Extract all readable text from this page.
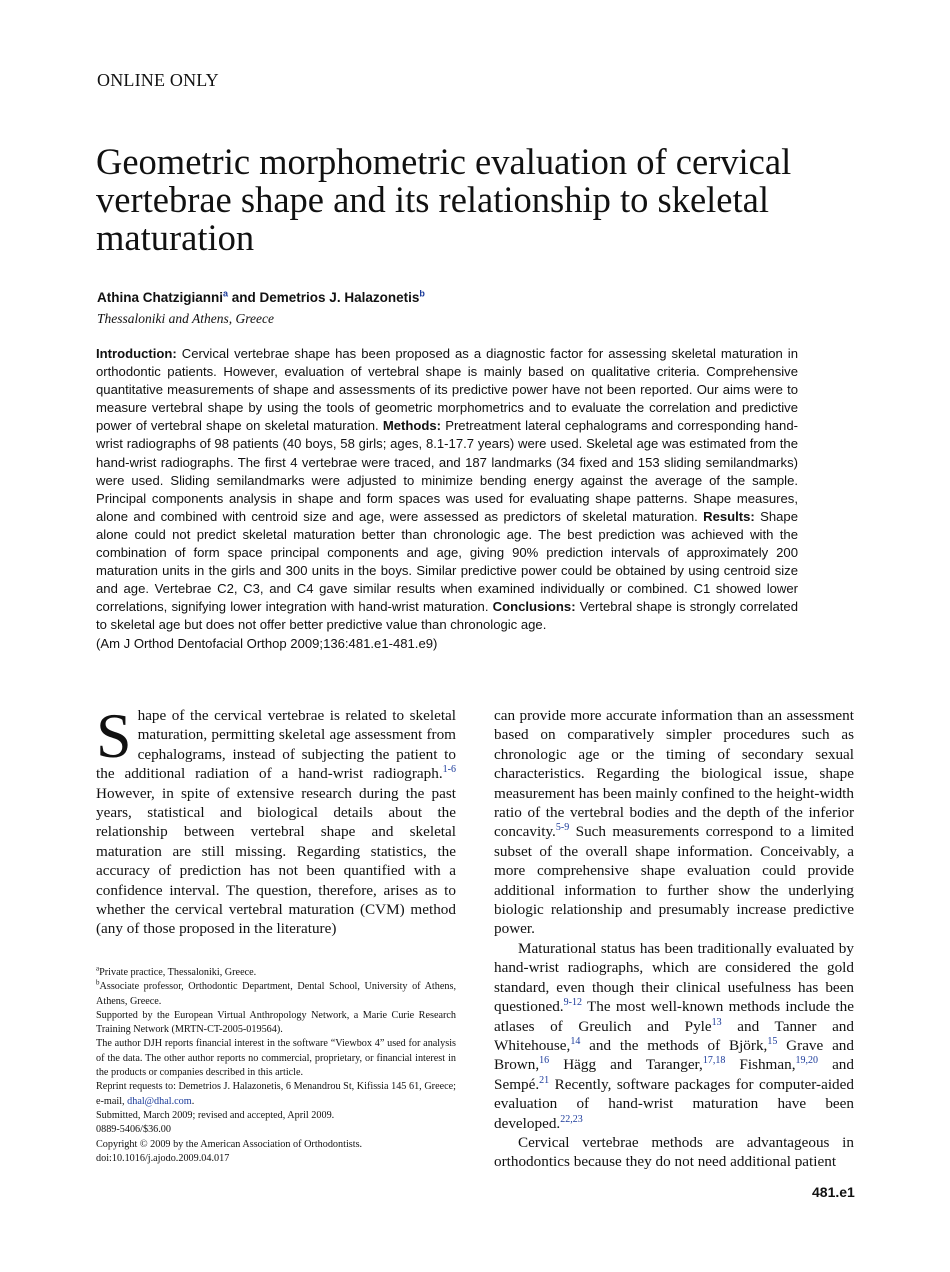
ONLINE ONLY
Geometric morphometric evaluation of cervical vertebrae shape and its relationship to skeletal maturation
Athina Chatzigianni$^a$ and Demetrios J. Halazonetis$^b$
Thessaloniki and Athens, Greece

Introduction: Cervical vertebrae shape has been proposed as a diagnostic factor for assessing skeletal maturation in orthodontic patients. However, evaluation of vertebral shape is mainly based on qualitative criteria. Comprehensive quantitative measurements of shape and assessments of its predictive power have not been reported. Our aims were to measure vertebral shape by using the tools of geometric morphometrics and to evaluate the correlation and predictive power of vertebral shape on skeletal maturation. Methods: Pretreatment lateral cephalograms and corresponding hand-wrist radiographs of 98 patients (40 boys, 58 girls; ages, 8.1-17.7 years) were used. Skeletal age was estimated from the hand-wrist radiographs. The first 4 vertebrae were traced, and 187 landmarks (34 fixed and 153 sliding semilandmarks) were used. Sliding semilandmarks were adjusted to minimize bending energy against the average of the sample. Principal components analysis in shape and form spaces was used for evaluating shape patterns. Shape measures, alone and combined with centroid size and age, were assessed as predictors of skeletal maturation. Results: Shape alone could not predict skeletal maturation better than chronologic age. The best prediction was achieved with the combination of form space principal components and age, giving 90% prediction intervals of approximately 200 maturation units in the girls and 300 units in the boys. Similar predictive power could be obtained by using centroid size and age. Vertebrae C2, C3, and C4 gave similar results when examined individually or combined. C1 showed lower correlations, signifying lower integration with hand-wrist maturation. Conclusions: Vertebral shape is strongly correlated to skeletal age but does not offer better predictive value than chronologic age.
(Am J Orthod Dentofacial Orthop 2009;136:481.e1-481.e9)

Shape of the cervical vertebrae is related to skeletal maturation, permitting skeletal age assessment from cephalograms, instead of subjecting the patient to the additional radiation of a hand-wrist radiograph.$^{1-6}$ However, in spite of extensive research during the past years, statistical and biological details about the relationship between vertebral shape and skeletal maturation are still missing. Regarding statistics, the accuracy of prediction has not been quantified with a confidence interval. The question, therefore, arises as to whether the cervical vertebral maturation (CVM) method (any of those proposed in the literature)

$^a$Private practice, Thessaloniki, Greece.

$^b$Associate professor, Orthodontic Department, Dental School, University of Athens, Athens, Greece.

Supported by the European Virtual Anthropology Network, a Marie Curie Research Training Network (MRTN-CT-2005-019564).

The author DJH reports financial interest in the software “Viewbox 4” used for analysis of the data. The other author reports no commercial, proprietary, or financial interest in the products or companies described in this article.

Reprint requests to: Demetrios J. Halazonetis, 6 Menandrou St, Kifissia 145 61, Greece; e-mail, dhal@dhal.com.

Submitted, March 2009; revised and accepted, April 2009.

0889-5406/$36.00

Copyright © 2009 by the American Association of Orthodontists.

doi:10.1016/j.ajodo.2009.04.017

can provide more accurate information than an assessment based on comparatively simpler procedures such as chronologic age or the timing of secondary sexual characteristics. Regarding the biological issue, shape measurement has been mainly confined to the height-width ratio of the vertebral bodies and the depth of the inferior concavity.$^{5-9}$ Such measurements correspond to a limited subset of the overall shape information. Conceivably, a more comprehensive shape evaluation could provide additional information to further show the underlying biologic relationship and presumably increase predictive power.

Maturational status has been traditionally evaluated by hand-wrist radiographs, which are considered the gold standard, even though their clinical usefulness has been questioned.$^{9-12}$ The most well-known methods include the atlases of Greulich and Pyle$^{13}$ and Tanner and Whitehouse,$^{14}$ and the methods of Björk,$^{15}$ Grave and Brown,$^{16}$ Hägg and Taranger,$^{17,18}$ Fishman,$^{19,20}$ and Sempé.$^{21}$ Recently, software packages for computer-aided evaluation of hand-wrist maturation have been developed.$^{22,23}$

Cervical vertebrae methods are advantageous in orthodontics because they do not need additional patient

481.e1
